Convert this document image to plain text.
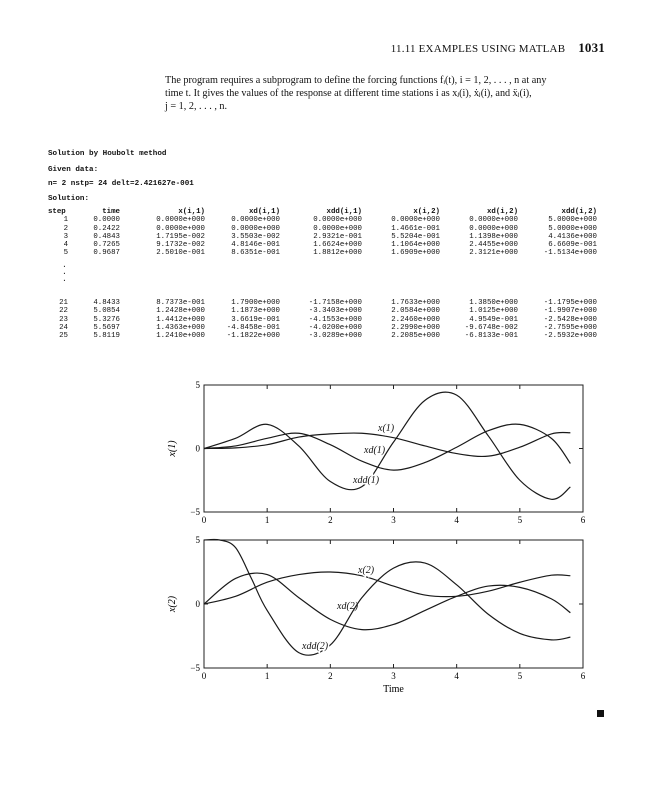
11.11 EXAMPLES USING MATLAB 1031
The program requires a subprogram to define the forcing functions fᵢ(t), i = 1, 2, . . . , n at any
time t. It gives the values of the response at different time stations i as xⱼ(i), ẋⱼ(i), and ẍⱼ(i),
j = 1, 2, . . . , n.
Solution by Houbolt method
Given data:
n= 2 nstp= 24 delt=2.421627e-001
Solution:
step	time	x(i,1)	xd(i,1)	xdd(i,1)	x(i,2)	xd(i,2)	xdd(i,2)
1	0.0000	0.0000e+000	0.0000e+000	0.0000e+000	0.0000e+000	0.0000e+000	5.0000e+000
2	0.2422	0.0000e+000	0.0000e+000	0.0000e+000	1.4661e-001	0.0000e+000	5.0000e+000
3	0.4843	1.7195e-002	3.5503e-002	2.9321e-001	5.5204e-001	1.1398e+000	4.4136e+000
4	0.7265	9.1732e-002	4.8146e-001	1.6624e+000	1.1064e+000	2.4455e+000	6.6609e-001
5	0.9687	2.5010e-001	8.6351e-001	1.8812e+000	1.6909e+000	2.3121e+000	-1.5134e+000
.
.
.
21	4.8433	8.7373e-001	1.7900e+000	-1.7158e+000	1.7633e+000	1.3850e+000	-1.1795e+000
22	5.0854	1.2428e+000	1.1873e+000	-3.3403e+000	2.0584e+000	1.0125e+000	-1.9907e+000
23	5.3276	1.4412e+000	3.6619e-001	-4.1553e+000	2.2460e+000	4.9549e-001	-2.5428e+000
24	5.5697	1.4363e+000	-4.8458e-001	-4.0200e+000	2.2990e+000	-9.6748e-002	-2.7595e+000
25	5.8119	1.2410e+000	-1.1822e+000	-3.0289e+000	2.2085e+000	-6.8133e-001	-2.5932e+000
0	1	2	3	4	5	6
5
0
−5
x(1)
x(1)
xd(1)
xdd(1)
0	1	2	3	4	5	6
5
0
−5
x(2)
Time
x(2)
xd(2)
xdd(2)
